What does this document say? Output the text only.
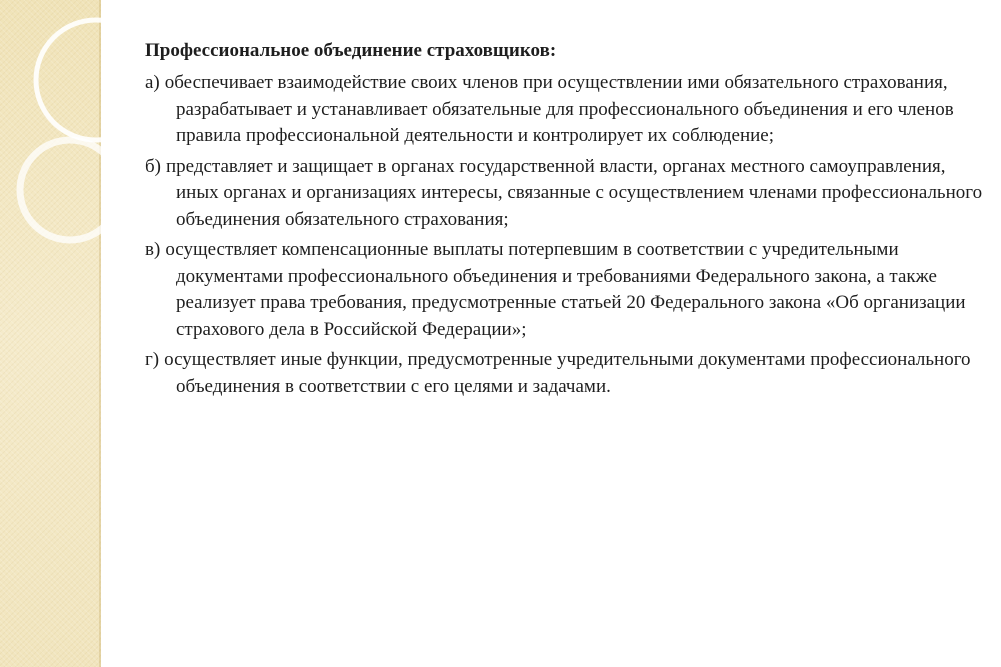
Профессиональное объединение страховщиков:
а) обеспечивает взаимодействие своих членов при осуществлении ими обязательного страхования, разрабатывает и устанавливает обязательные для профессионального объединения и его членов правила профессиональной деятельности и контролирует их соблюдение;
б) представляет и защищает в органах государственной власти, органах местного самоуправления, иных органах и организациях интересы, связанные с осуществлением членами профессионального объединения обязательного страхования;
в) осуществляет компенсационные выплаты потерпевшим в соответствии с учредительными документами профессионального объединения и требованиями Федерального закона, а также реализует права требования, предусмотренные статьей 20 Федерального закона «Об организации страхового дела в Российской Федерации»;
г) осуществляет иные функции, предусмотренные учредительными документами профессионального объединения в соответствии с его целями и задачами.
